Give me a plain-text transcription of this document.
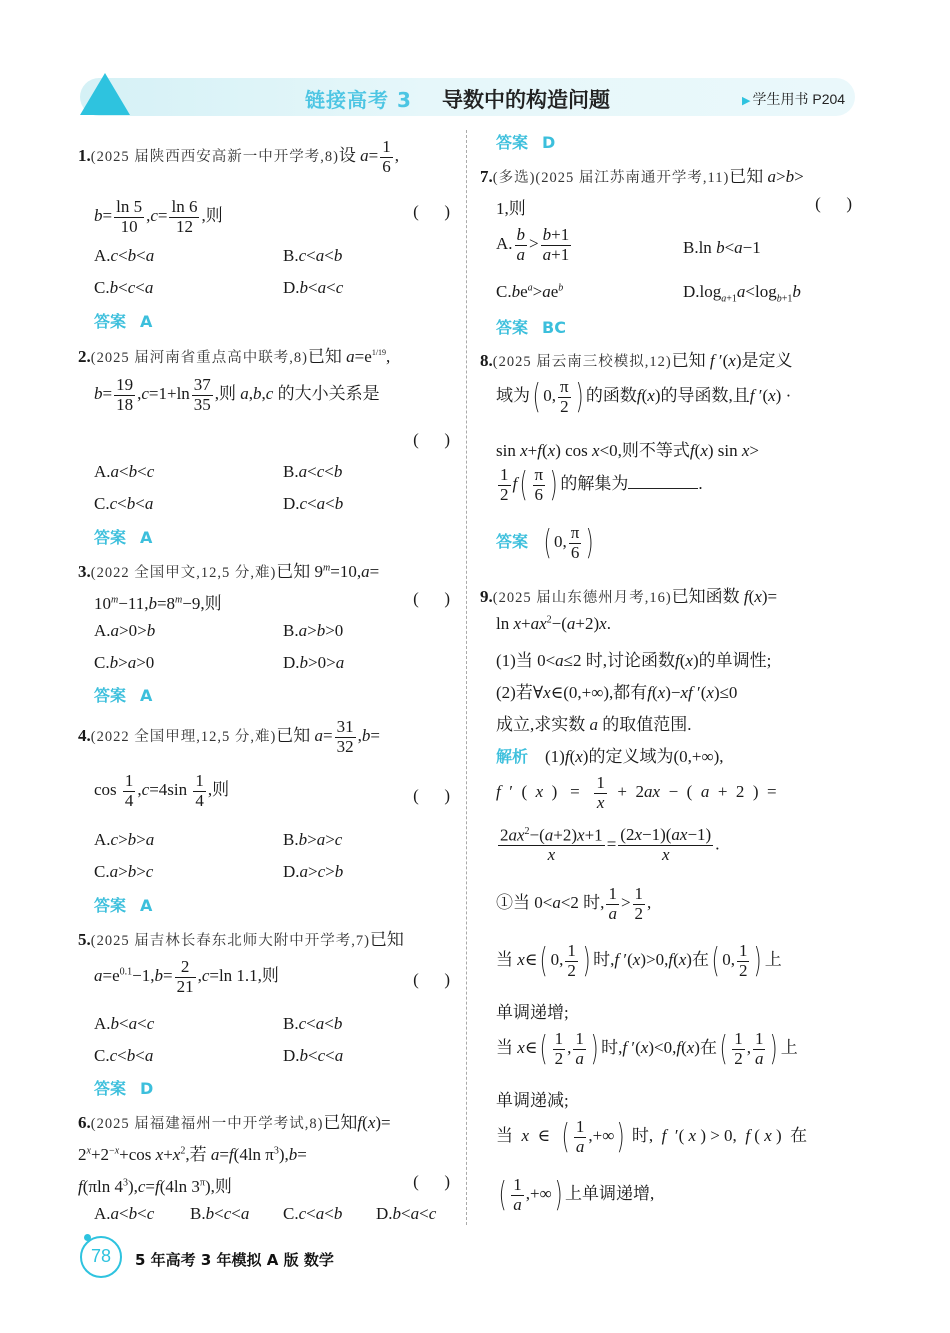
链接高考 3 导数中的构造问题	▶ 学生用书 P204
1.(2025 届陕西西安高新一中开学考,8)设 $a= \frac{1}{6}$ ,
$b= \frac{\ln 5}{10} ,c= \frac{\ln 6}{12}$ ,则	(      )
A.c<b<a	B.c<a<b
C.b<c<a	D.b<a<c
答案 A
2.(2025 届河南省重点高中联考,8)已知 $a=e^{1/19}$,
$b= \frac{19}{18} ,c=1+\ln \frac{37}{35}$ ,则 a,b,c 的大小关系是
(      )
A.a<b<c	B.a<c<b
C.c<b<a	D.c<a<b
答案 A
3.(2022 全国甲文,12,5 分,难)已知 $9^m=10,a=$
$10^m-11,b=8^m-9$,则	(      )
A.a>0>b	B.a>b>0
C.b>a>0	D.b>0>a
答案 A
4.(2022 全国甲理,12,5 分,难)已知 $a= \frac{31}{32} ,b=$
$\cos \frac{1}{4} ,c=4\sin \frac{1}{4}$ ,则	(      )
A.c>b>a	B.b>a>c
C.a>b>c	D.a>c>b
答案 A
5.(2025 届吉林长春东北师大附中开学考,7)已知
$a=e^{0.1}-1,b= \frac{2}{21} ,c=\ln$ 1.1,则	(      )
A.b<a<c	B.c<a<b
C.c<b<a	D.b<c<a
答案 D
6.(2025 届福建福州一中开学考试,8)已知f(x)=
$2^x+2^{-x}+\cos$ $x+x^2$,若 a=f(4ln $\pi^3),b=$
f(πln $4^3),c=f(4\ln$ $3^\pi$),则	(      )
A.a<b<c B.b<c<a C.c<a<b D.b<a<c
答案 D
7.(多选)(2025 届江苏南通开学考,11)已知 a>b>
1,则	(      )
A. $\frac{b}{a} > \frac{b+1}{a+1}$	B.ln b<a−1
$C.be^a>ae^b$	$D.\log_{a+1}a<\log_{b+1}b$
答案 BC
8.(2025 届云南三校模拟,12)已知 f ′(x)是定义
域为( 0, $\frac{\pi}{2}$ ) 的函数f(x)的导函数,且f ′(x) ·
sin x+f(x) cos x<0,则不等式f(x) sin x>
$\frac{1}{2} f( \frac{\pi}{6}$ ) 的解集为	.
答案 ( 0, $\frac{\pi}{6}$ )
9.(2025 届山东德州月考,16)已知函数 f(x)=
$\ln x+ax^2-(a+2)x$.
(1)当 0<a≤2 时,讨论函数f(x)的单调性;
(2)若∀x∈(0,+∞),都有f(x)−xf ′(x)≤0
成立,求实数 a 的取值范围.
解析    (1)f(x)的定义域为(0,+∞),
f  ′  (  x  )   = $\frac{1}{x} + 2ax$  −  (  a  +  2  )  =
$\frac{2ax^2-(a+2)x+1}{x} = \frac{(2x-1)(ax-1)}{x}$ .
①当 0<a<2 时, $\frac{1}{a} > \frac{1}{2}$ ,
当 x∈( 0, $\frac{1}{2}$ ) 时,f ′(x)>0,f(x)在( 0, $\frac{1}{2}$ ) 上
单调递增;
当 x∈( $\frac{1}{2}$ , $\frac{1}{a}$ ) 时,f ′(x)<0,f(x)在( $\frac{1}{2}$ , $\frac{1}{a}$ ) 上
单调递减;
当  x  ∈  ( $\frac{1}{a}$ ,+∞) 时,  f  ′( x ) > 0,  f ( x )  在
( $\frac{1}{a}$ ,+∞) 上单调递增,
78	5 年高考 3 年模拟 A 版 数学
